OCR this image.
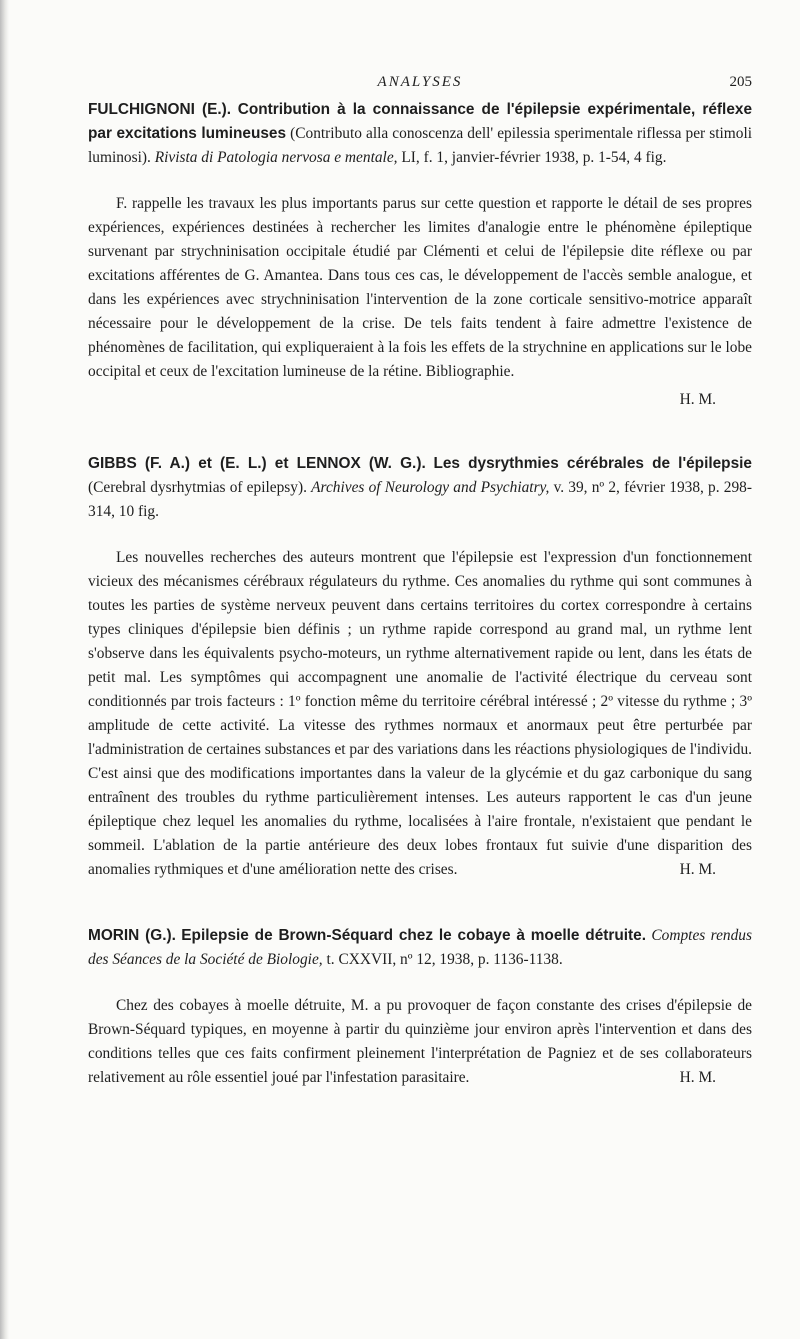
ANALYSES	205

FULCHIGNONI (E.). Contribution à la connaissance de l'épilepsie expérimentale, réflexe par excitations lumineuses (Contributo alla conoscenza dell' epilessia sperimentale riflessa per stimoli luminosi). Rivista di Patologia nervosa e mentale, LI, f. 1, janvier-février 1938, p. 1-54, 4 fig.

F. rappelle les travaux les plus importants parus sur cette question et rapporte le détail de ses propres expériences, expériences destinées à rechercher les limites d'analogie entre le phénomène épileptique survenant par strychninisation occipitale étudié par Clémenti et celui de l'épilepsie dite réflexe ou par excitations afférentes de G. Amantea. Dans tous ces cas, le développement de l'accès semble analogue, et dans les expériences avec strychninisation l'intervention de la zone corticale sensitivo-motrice apparaît nécessaire pour le développement de la crise. De tels faits tendent à faire admettre l'existence de phénomènes de facilitation, qui expliqueraient à la fois les effets de la strychnine en applications sur le lobe occipital et ceux de l'excitation lumineuse de la rétine. Bibliographie.

H. M.

GIBBS (F. A.) et (E. L.) et LENNOX (W. G.). Les dysrythmies cérébrales de l'épilepsie (Cerebral dysrhytmias of epilepsy). Archives of Neurology and Psychiatry, v. 39, nº 2, février 1938, p. 298-314, 10 fig.

Les nouvelles recherches des auteurs montrent que l'épilepsie est l'expression d'un fonctionnement vicieux des mécanismes cérébraux régulateurs du rythme. Ces anomalies du rythme qui sont communes à toutes les parties de système nerveux peuvent dans certains territoires du cortex correspondre à certains types cliniques d'épilepsie bien définis ; un rythme rapide correspond au grand mal, un rythme lent s'observe dans les équivalents psycho-moteurs, un rythme alternativement rapide ou lent, dans les états de petit mal. Les symptômes qui accompagnent une anomalie de l'activité électrique du cerveau sont conditionnés par trois facteurs : 1º fonction même du territoire cérébral intéressé ; 2º vitesse du rythme ; 3º amplitude de cette activité. La vitesse des rythmes normaux et anormaux peut être perturbée par l'administration de certaines substances et par des variations dans les réactions physiologiques de l'individu. C'est ainsi que des modifications importantes dans la valeur de la glycémie et du gaz carbonique du sang entraînent des troubles du rythme particulièrement intenses. Les auteurs rapportent le cas d'un jeune épileptique chez lequel les anomalies du rythme, localisées à l'aire frontale, n'existaient que pendant le sommeil. L'ablation de la partie antérieure des deux lobes frontaux fut suivie d'une disparition des anomalies rythmiques et d'une amélioration nette des crises.	H. M.

MORIN (G.). Epilepsie de Brown-Séquard chez le cobaye à moelle détruite. Comptes rendus des Séances de la Société de Biologie, t. CXXVII, nº 12, 1938, p. 1136-1138.

Chez des cobayes à moelle détruite, M. a pu provoquer de façon constante des crises d'épilepsie de Brown-Séquard typiques, en moyenne à partir du quinzième jour environ après l'intervention et dans des conditions telles que ces faits confirment pleinement l'interprétation de Pagniez et de ses collaborateurs relativement au rôle essentiel joué par l'infestation parasitaire.	H. M.
